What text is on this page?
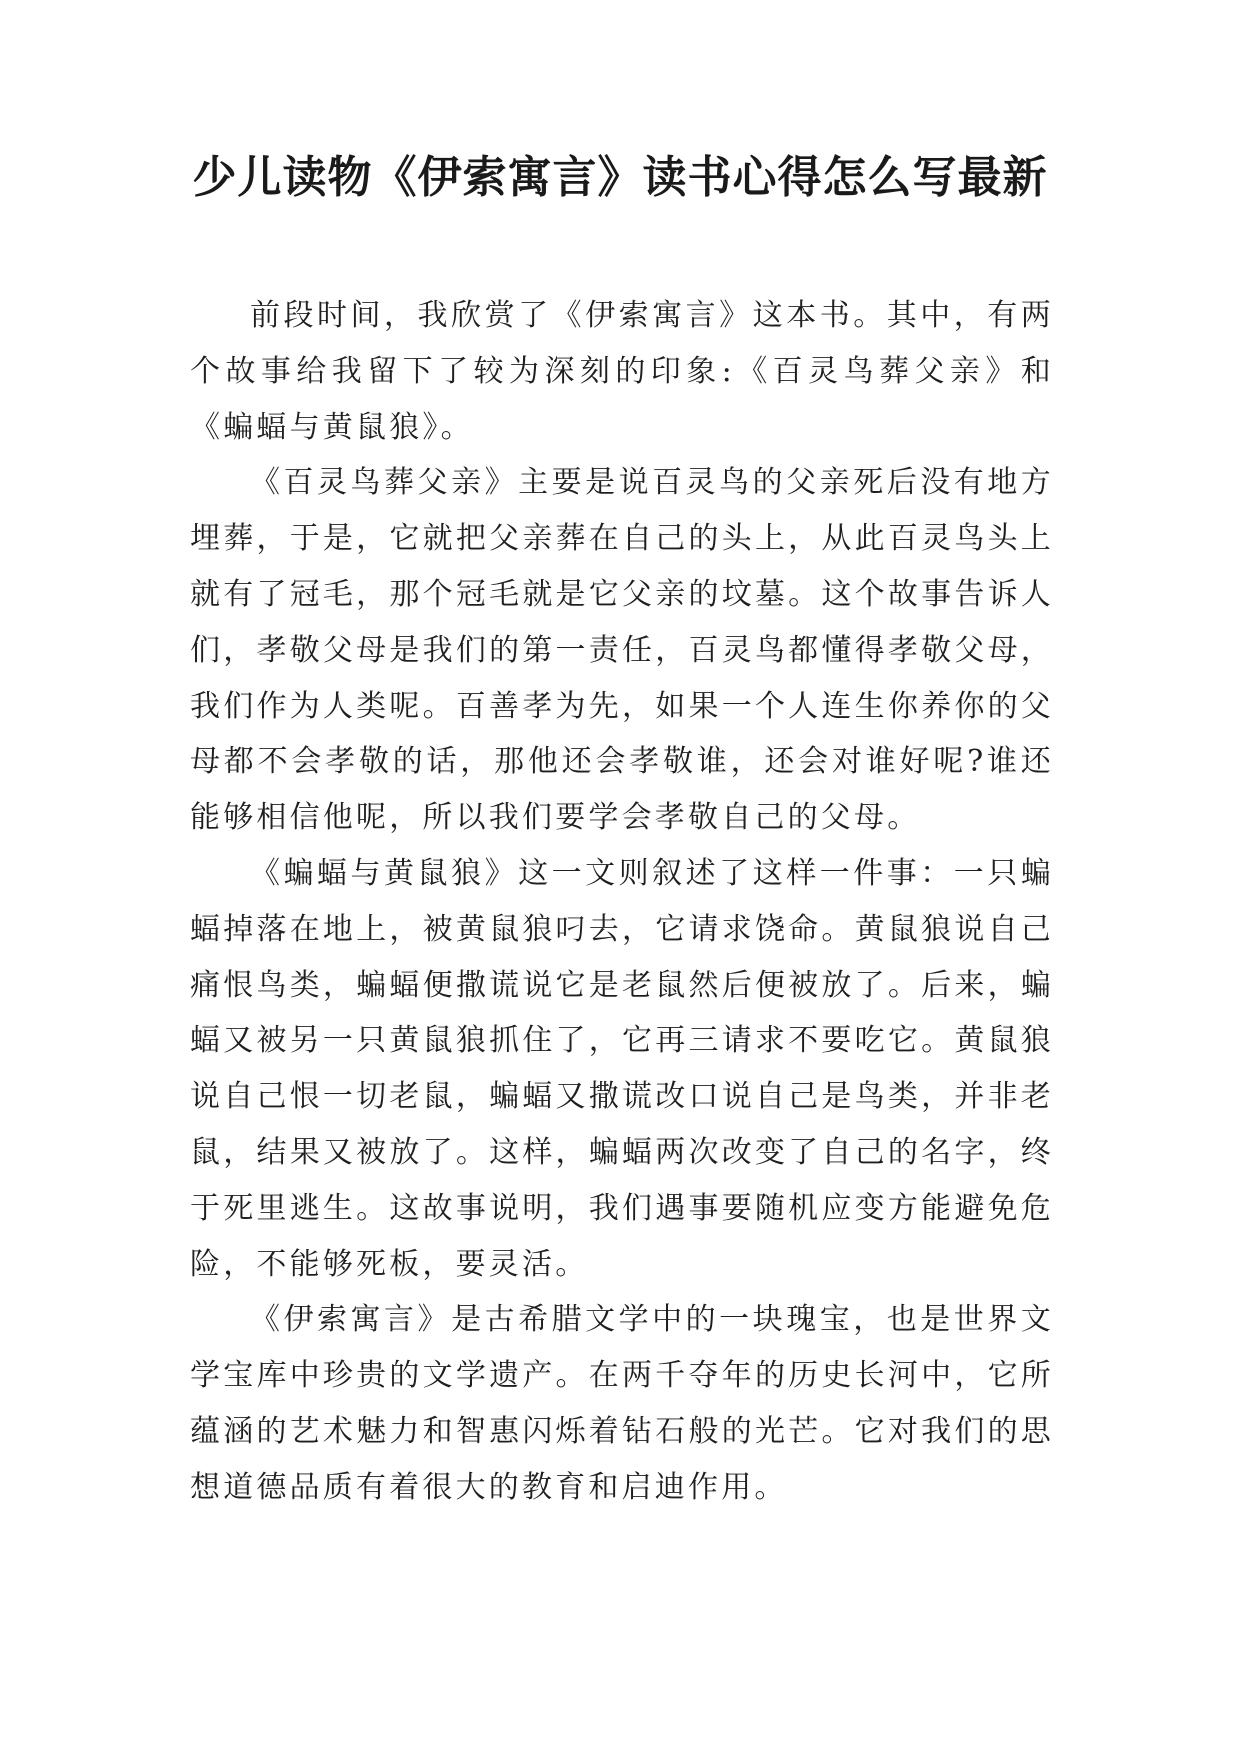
少儿读物《伊索寓言》读书心得怎么写最新

前段时间，我欣赏了《伊索寓言》这本书。其中，有两个故事给我留下了较为深刻的印象:《百灵鸟葬父亲》和《蝙蝠与黄鼠狼》。

《百灵鸟葬父亲》主要是说百灵鸟的父亲死后没有地方埋葬，于是，它就把父亲葬在自己的头上，从此百灵鸟头上就有了冠毛，那个冠毛就是它父亲的坟墓。这个故事告诉人们，孝敬父母是我们的第一责任，百灵鸟都懂得孝敬父母，我们作为人类呢。百善孝为先，如果一个人连生你养你的父母都不会孝敬的话，那他还会孝敬谁，还会对谁好呢?谁还能够相信他呢，所以我们要学会孝敬自己的父母。

《蝙蝠与黄鼠狼》这一文则叙述了这样一件事：一只蝙蝠掉落在地上，被黄鼠狼叼去，它请求饶命。黄鼠狼说自己痛恨鸟类，蝙蝠便撒谎说它是老鼠然后便被放了。后来，蝙蝠又被另一只黄鼠狼抓住了，它再三请求不要吃它。黄鼠狼说自己恨一切老鼠，蝙蝠又撒谎改口说自己是鸟类，并非老鼠，结果又被放了。这样，蝙蝠两次改变了自己的名字，终于死里逃生。这故事说明，我们遇事要随机应变方能避免危险，不能够死板，要灵活。

《伊索寓言》是古希腊文学中的一块瑰宝，也是世界文学宝库中珍贵的文学遗产。在两千夺年的历史长河中，它所蕴涵的艺术魅力和智惠闪烁着钻石般的光芒。它对我们的思想道德品质有着很大的教育和启迪作用。
